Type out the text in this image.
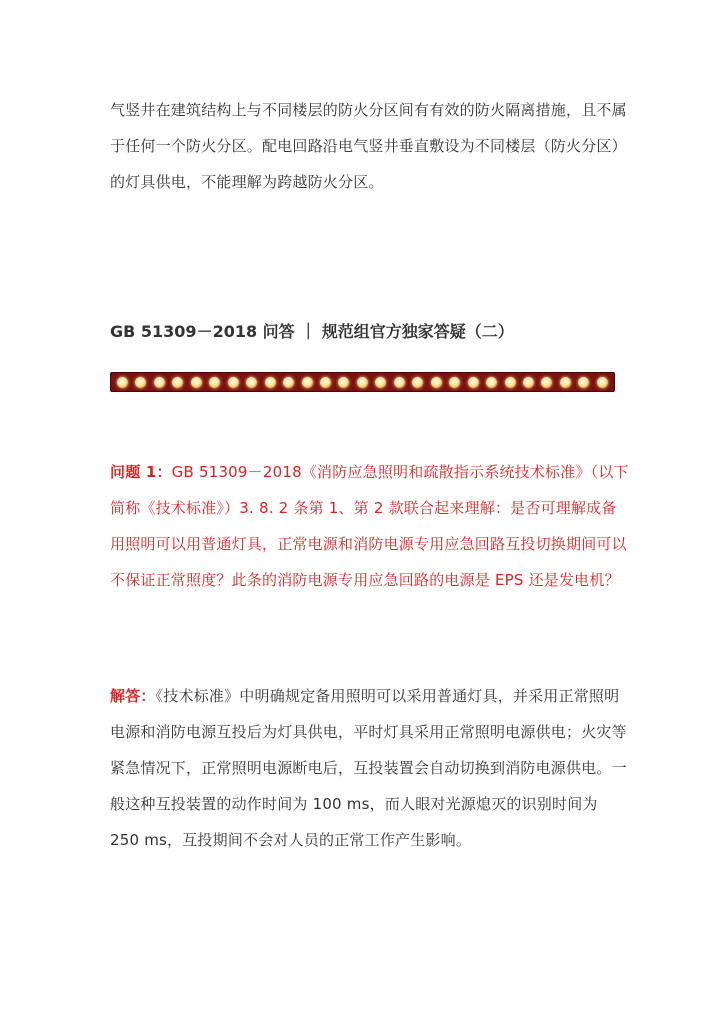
气竖井在建筑结构上与不同楼层的防火分区间有有效的防火隔离措施，且不属于任何一个防火分区。配电回路沿电气竖井垂直敷设为不同楼层（防火分区）的灯具供电，不能理解为跨越防火分区。

GB 51309－2018 问答 ｜ 规范组官方独家答疑（二）

问题 1：GB 51309－2018《消防应急照明和疏散指示系统技术标准》（以下简称《技术标准》）3. 8. 2 条第 1、第 2 款联合起来理解：是否可理解成备用照明可以用普通灯具，正常电源和消防电源专用应急回路互投切换期间可以不保证正常照度？此条的消防电源专用应急回路的电源是 EPS 还是发电机？

解答：《技术标准》中明确规定备用照明可以采用普通灯具，并采用正常照明电源和消防电源互投后为灯具供电，平时灯具采用正常照明电源供电；火灾等紧急情况下，正常照明电源断电后，互投装置会自动切换到消防电源供电。一般这种互投装置的动作时间为 100 ms，而人眼对光源熄灭的识别时间为 250 ms，互投期间不会对人员的正常工作产生影响。
